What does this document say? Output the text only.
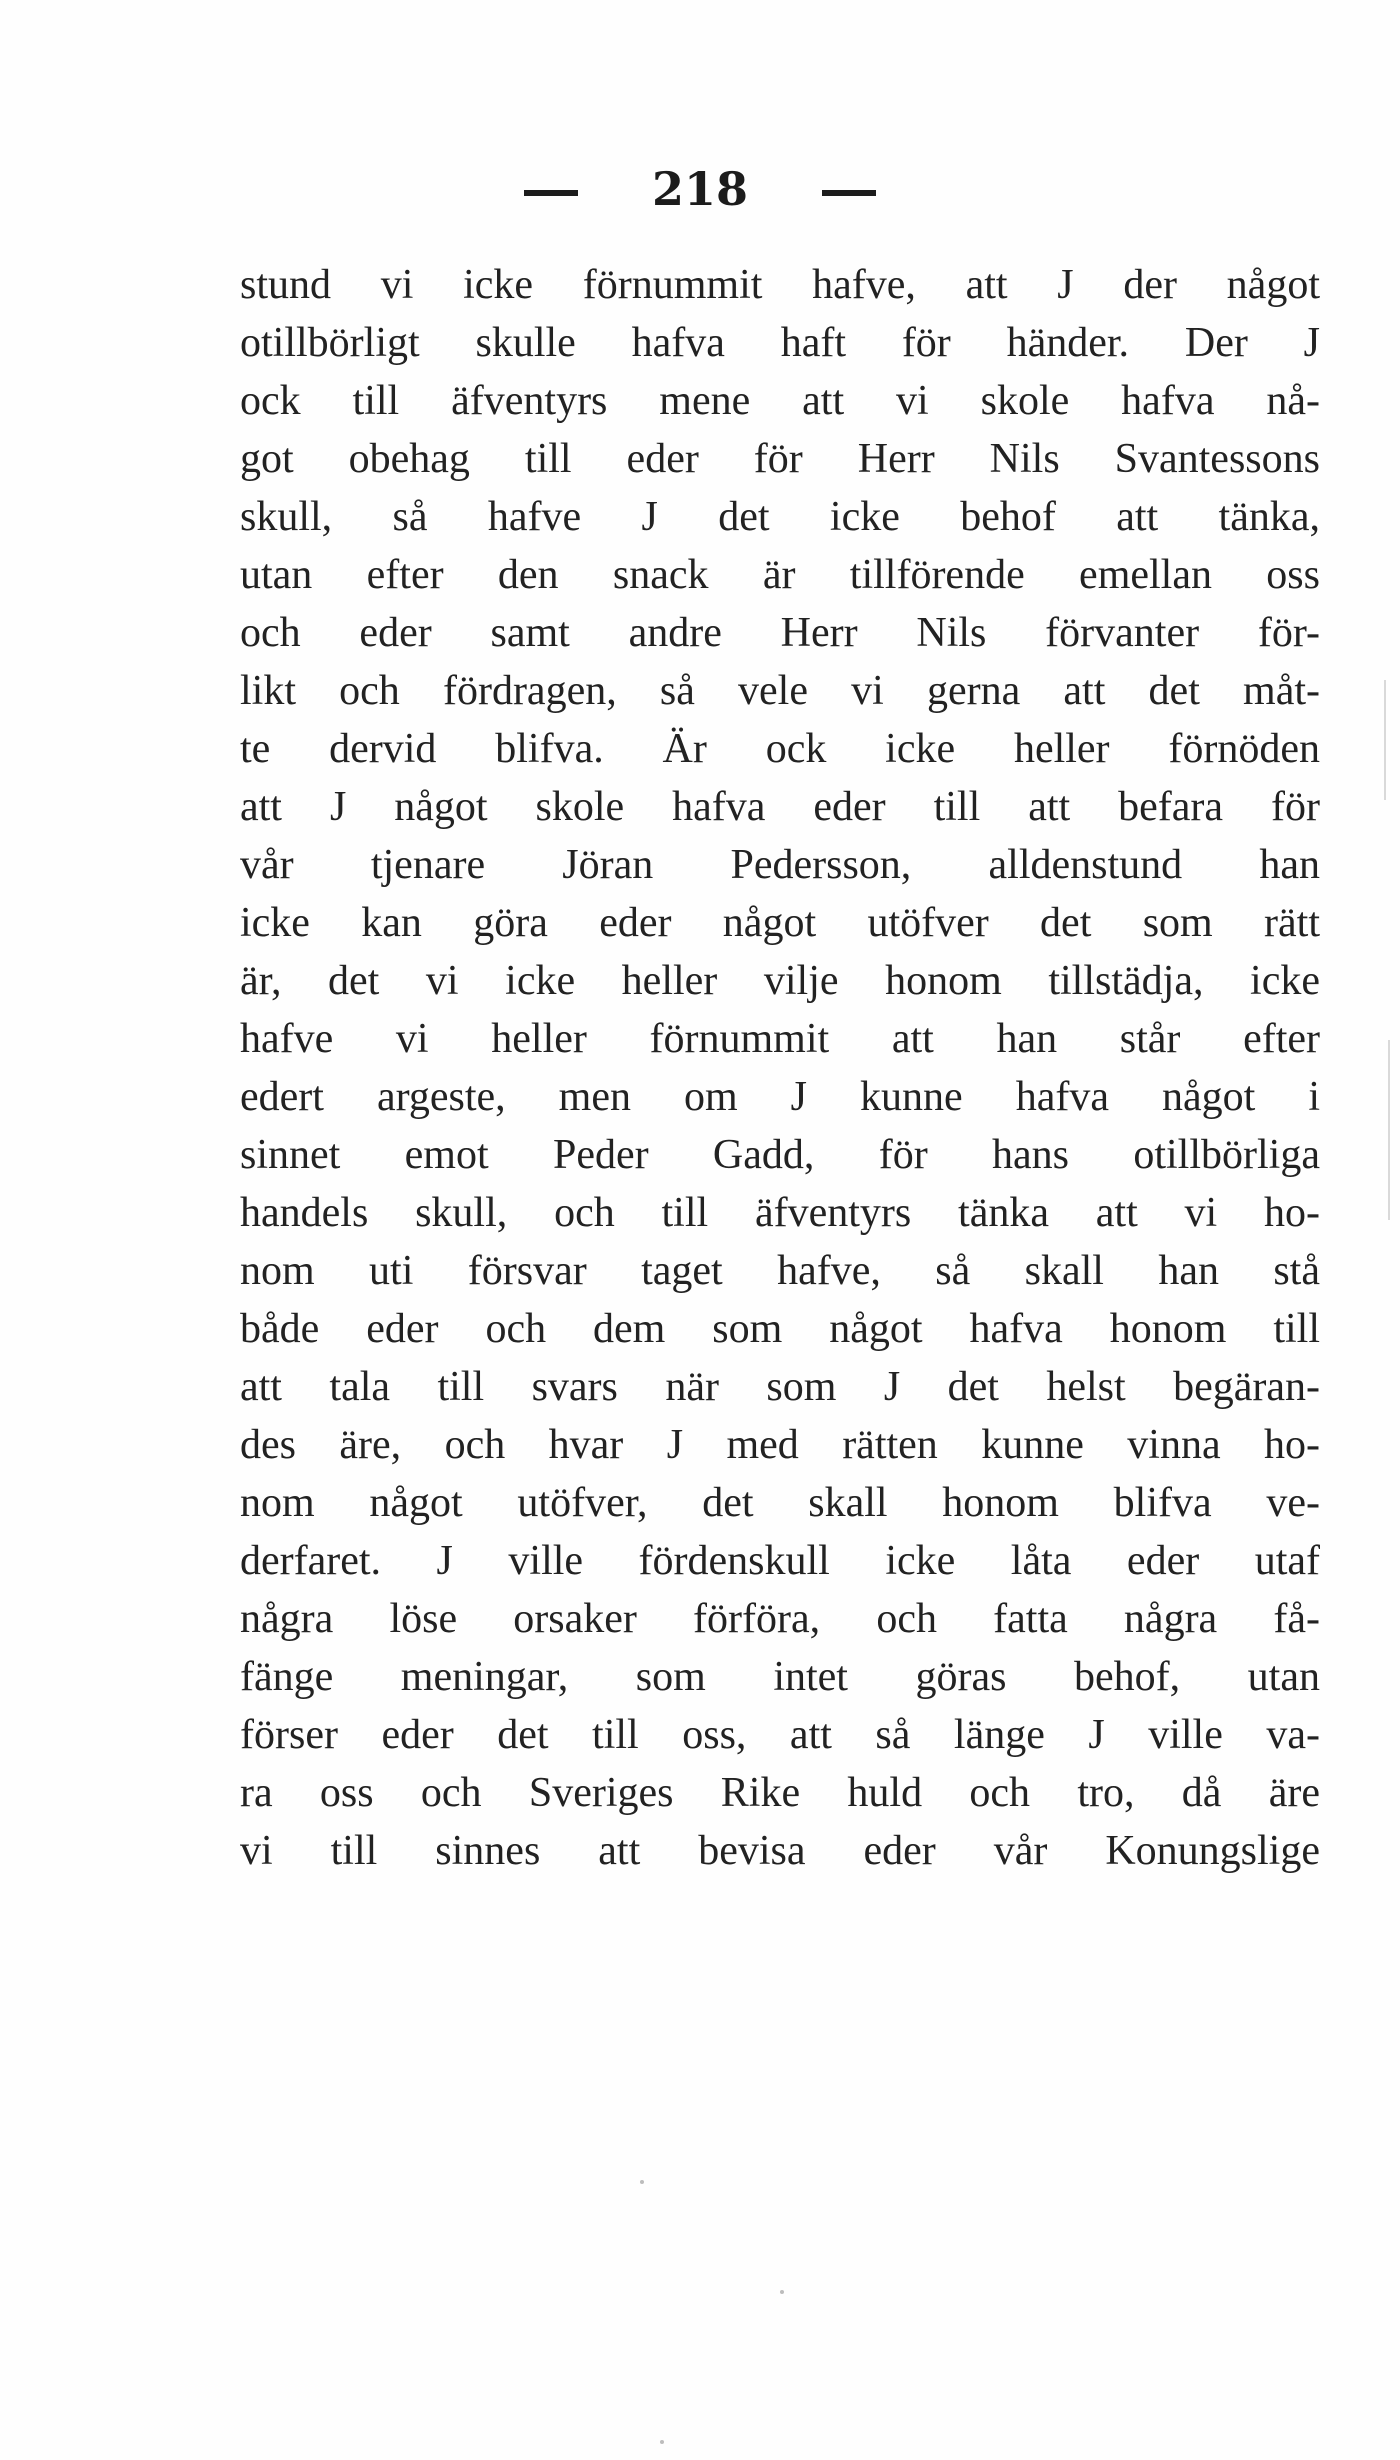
218
stund vi icke förnummit hafve, att J der något
otillbörligt skulle hafva haft för händer. Der J
ock till äfventyrs mene att vi skole hafva nå-
got obehag till eder för Herr Nils Svantessons
skull, så hafve J det icke behof att tänka,
utan efter den snack är tillförende emellan oss
och eder samt andre Herr Nils förvanter för-
likt och fördragen, så vele vi gerna att det måt-
te dervid blifva. Är ock icke heller förnöden
att J något skole hafva eder till att befara för
vår tjenare Jöran Pedersson, alldenstund han
icke kan göra eder något utöfver det som rätt
är, det vi icke heller vilje honom tillstädja, icke
hafve vi heller förnummit att han står efter
edert argeste, men om J kunne hafva något i
sinnet emot Peder Gadd, för hans otillbörliga
handels skull, och till äfventyrs tänka att vi ho-
nom uti försvar taget hafve, så skall han stå
både eder och dem som något hafva honom till
att tala till svars när som J det helst begäran-
des äre, och hvar J med rätten kunne vinna ho-
nom något utöfver, det skall honom blifva ve-
derfaret. J ville fördenskull icke låta eder utaf
några löse orsaker förföra, och fatta några få-
fänge meningar, som intet göras behof, utan
förser eder det till oss, att så länge J ville va-
ra oss och Sveriges Rike huld och tro, då äre
vi till sinnes att bevisa eder vår Konungslige
